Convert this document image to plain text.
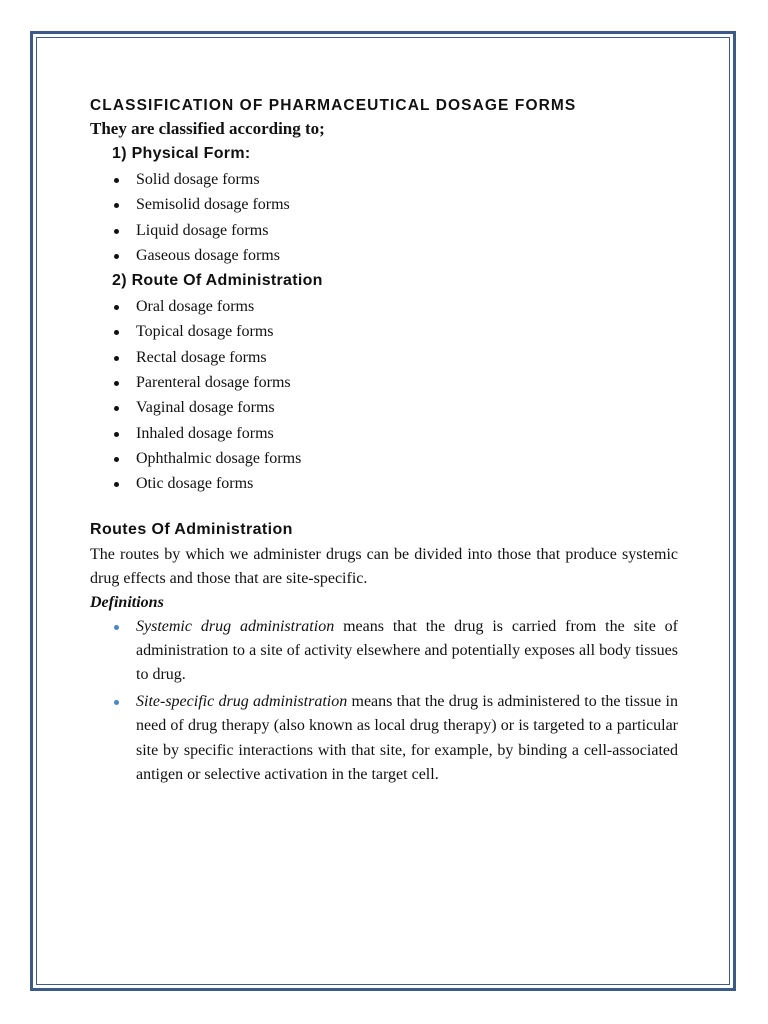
CLASSIFICATION OF PHARMACEUTICAL DOSAGE FORMS

They are classified according to;

1) Physical Form:
Solid dosage forms
Semisolid dosage forms
Liquid dosage forms
Gaseous dosage forms
2) Route Of Administration
Oral dosage forms
Topical dosage forms
Rectal dosage forms
Parenteral dosage forms
Vaginal dosage forms
Inhaled dosage forms
Ophthalmic dosage forms
Otic dosage forms
Routes Of Administration

The routes by which we administer drugs can be divided into those that produce systemic drug effects and those that are site-specific.

Definitions

Systemic drug administration means that the drug is carried from the site of administration to a site of activity elsewhere and potentially exposes all body tissues to drug.
Site-specific drug administration means that the drug is administered to the tissue in need of drug therapy (also known as local drug therapy) or is targeted to a particular site by specific interactions with that site, for example, by binding a cell-associated antigen or selective activation in the target cell.
